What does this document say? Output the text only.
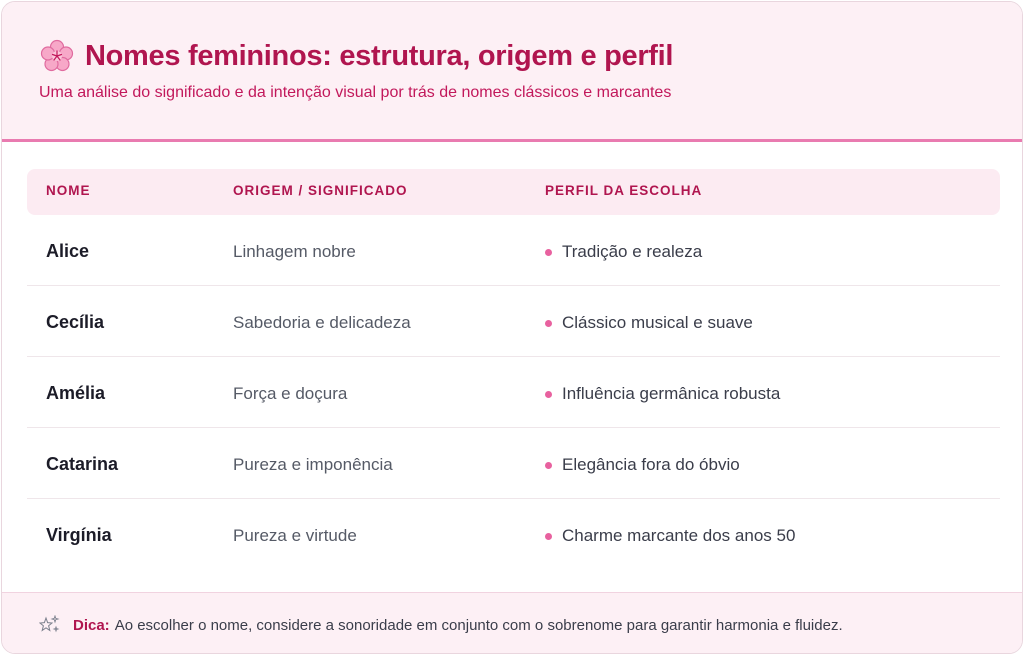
Nomes femininos: estrutura, origem e perfil

Uma análise do significado e da intenção visual por trás de nomes clássicos e marcantes

NOME	ORIGEM / SIGNIFICADO	PERFIL DA ESCOLHA
Alice	Linhagem nobre	Tradição e realeza
Cecília	Sabedoria e delicadeza	Clássico musical e suave
Amélia	Força e doçura	Influência germânica robusta
Catarina	Pureza e imponência	Elegância fora do óbvio
Virgínia	Pureza e virtude	Charme marcante dos anos 50
Dica: Ao escolher o nome, considere a sonoridade em conjunto com o sobrenome para garantir harmonia e fluidez.
